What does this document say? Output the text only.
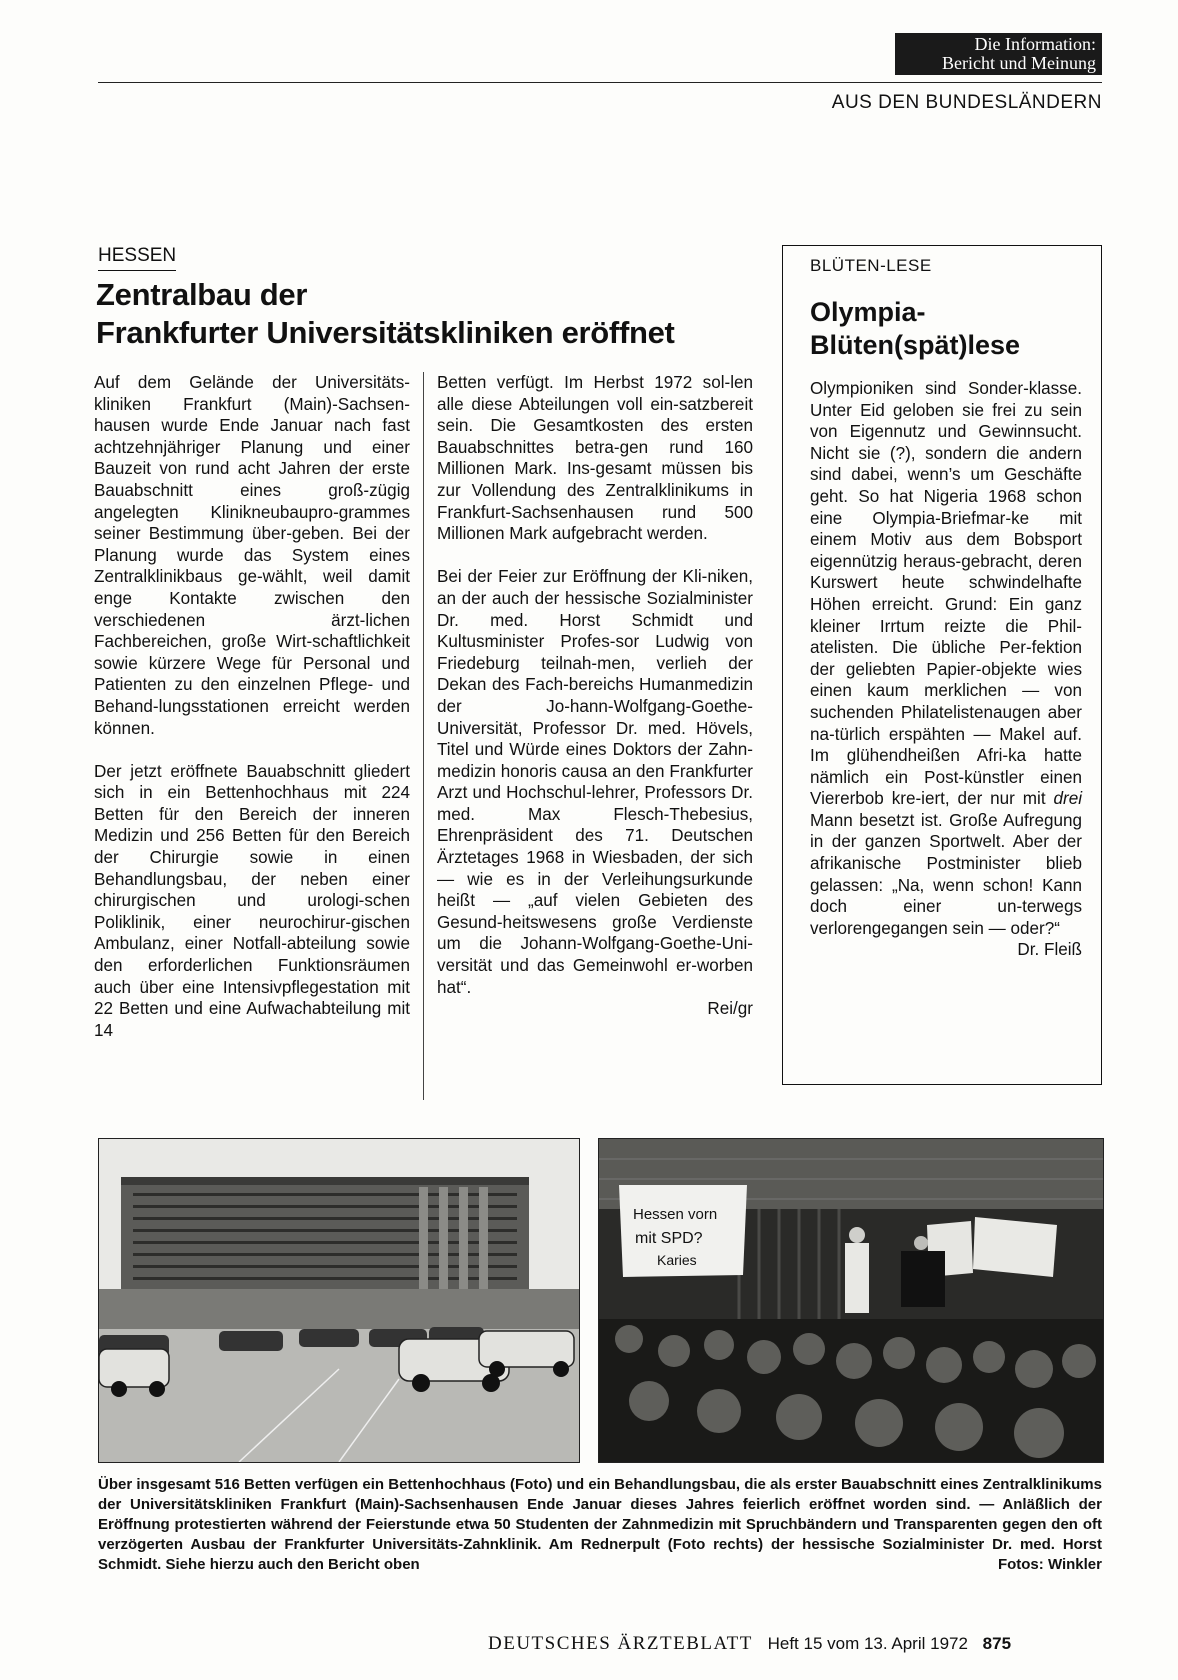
Die Information:
Bericht und Meinung
AUS DEN BUNDESLÄNDERN
HESSEN
Zentralbau der
Frankfurter Universitätskliniken eröffnet

Auf dem Gelände der Universitäts-kliniken Frankfurt (Main)-Sachsen-hausen wurde Ende Januar nach fast achtzehnjähriger Planung und einer Bauzeit von rund acht Jahren der erste Bauabschnitt eines groß-zügig angelegten Klinikneubaupro-grammes seiner Bestimmung über-geben. Bei der Planung wurde das System eines Zentralklinikbaus ge-wählt, weil damit enge Kontakte zwischen den verschiedenen ärzt-lichen Fachbereichen, große Wirt-schaftlichkeit sowie kürzere Wege für Personal und Patienten zu den einzelnen Pflege- und Behand-lungsstationen erreicht werden können.

Der jetzt eröffnete Bauabschnitt gliedert sich in ein Bettenhochhaus mit 224 Betten für den Bereich der inneren Medizin und 256 Betten für den Bereich der Chirurgie sowie in einen Behandlungsbau, der neben einer chirurgischen und urologi-schen Poliklinik, einer neurochirur-gischen Ambulanz, einer Notfall-abteilung sowie den erforderlichen Funktionsräumen auch über eine Intensivpflegestation mit 22 Betten und eine Aufwachabteilung mit 14

Betten verfügt. Im Herbst 1972 sol-len alle diese Abteilungen voll ein-satzbereit sein. Die Gesamtkosten des ersten Bauabschnittes betra-gen rund 160 Millionen Mark. Ins-gesamt müssen bis zur Vollendung des Zentralklinikums in Frankfurt-Sachsenhausen rund 500 Millionen Mark aufgebracht werden.

Bei der Feier zur Eröffnung der Kli-niken, an der auch der hessische Sozialminister Dr. med. Horst Schmidt und Kultusminister Profes-sor Ludwig von Friedeburg teilnah-men, verlieh der Dekan des Fach-bereichs Humanmedizin der Jo-hann-Wolfgang-Goethe-Universität, Professor Dr. med. Hövels, Titel und Würde eines Doktors der Zahn-medizin honoris causa an den Frankfurter Arzt und Hochschul-lehrer, Professors Dr. med. Max Flesch-Thebesius, Ehrenpräsident des 71. Deutschen Ärztetages 1968 in Wiesbaden, der sich — wie es in der Verleihungsurkunde heißt — „auf vielen Gebieten des Gesund-heitswesens große Verdienste um die Johann-Wolfgang-Goethe-Uni-versität und das Gemeinwohl er-worben hat“.

Rei/gr
BLÜTEN-LESE
Olympia-
Blüten(spät)lese
Olympioniken sind Sonder-klasse. Unter Eid geloben sie frei zu sein von Eigennutz und Gewinnsucht. Nicht sie (?), sondern die andern sind dabei, wenn’s um Geschäfte geht. So hat Nigeria 1968 schon eine Olympia-Briefmar-ke mit einem Motiv aus dem Bobsport eigennützig heraus-gebracht, deren Kurswert heute schwindelhafte Höhen erreicht. Grund: Ein ganz kleiner Irrtum reizte die Phil-atelisten. Die übliche Per-fektion der geliebten Papier-objekte wies einen kaum merklichen — von suchenden Philatelistenaugen aber na-türlich erspähten — Makel auf. Im glühendheißen Afri-ka hatte nämlich ein Post-künstler einen Viererbob kre-iert, der nur mit drei Mann besetzt ist. Große Aufregung in der ganzen Sportwelt. Aber der afrikanische Postminister blieb gelassen: „Na, wenn schon! Kann doch einer un-terwegs verlorengegangen sein — oder?“
Dr. Fleiß
Hessen vorn
mit SPD?
Karies
Über insgesamt 516 Betten verfügen ein Bettenhochhaus (Foto) und ein Behandlungsbau, die als erster Bauabschnitt eines Zentralklinikums der Universitätskliniken Frankfurt (Main)-Sachsenhausen Ende Januar dieses Jahres feierlich eröffnet worden sind. — Anläßlich der Eröffnung protestierten während der Feierstunde etwa 50 Studenten der Zahnmedizin mit Spruchbändern und Transparenten gegen den oft verzögerten Ausbau der Frankfurter Universitäts-Zahnklinik. Am Rednerpult (Foto rechts) der hessische Sozialminister Dr. med. Horst Schmidt. Siehe hierzu auch den Bericht oben	Fotos: Winkler
DEUTSCHES ÄRZTEBLATT Heft 15 vom 13. April 1972 875
